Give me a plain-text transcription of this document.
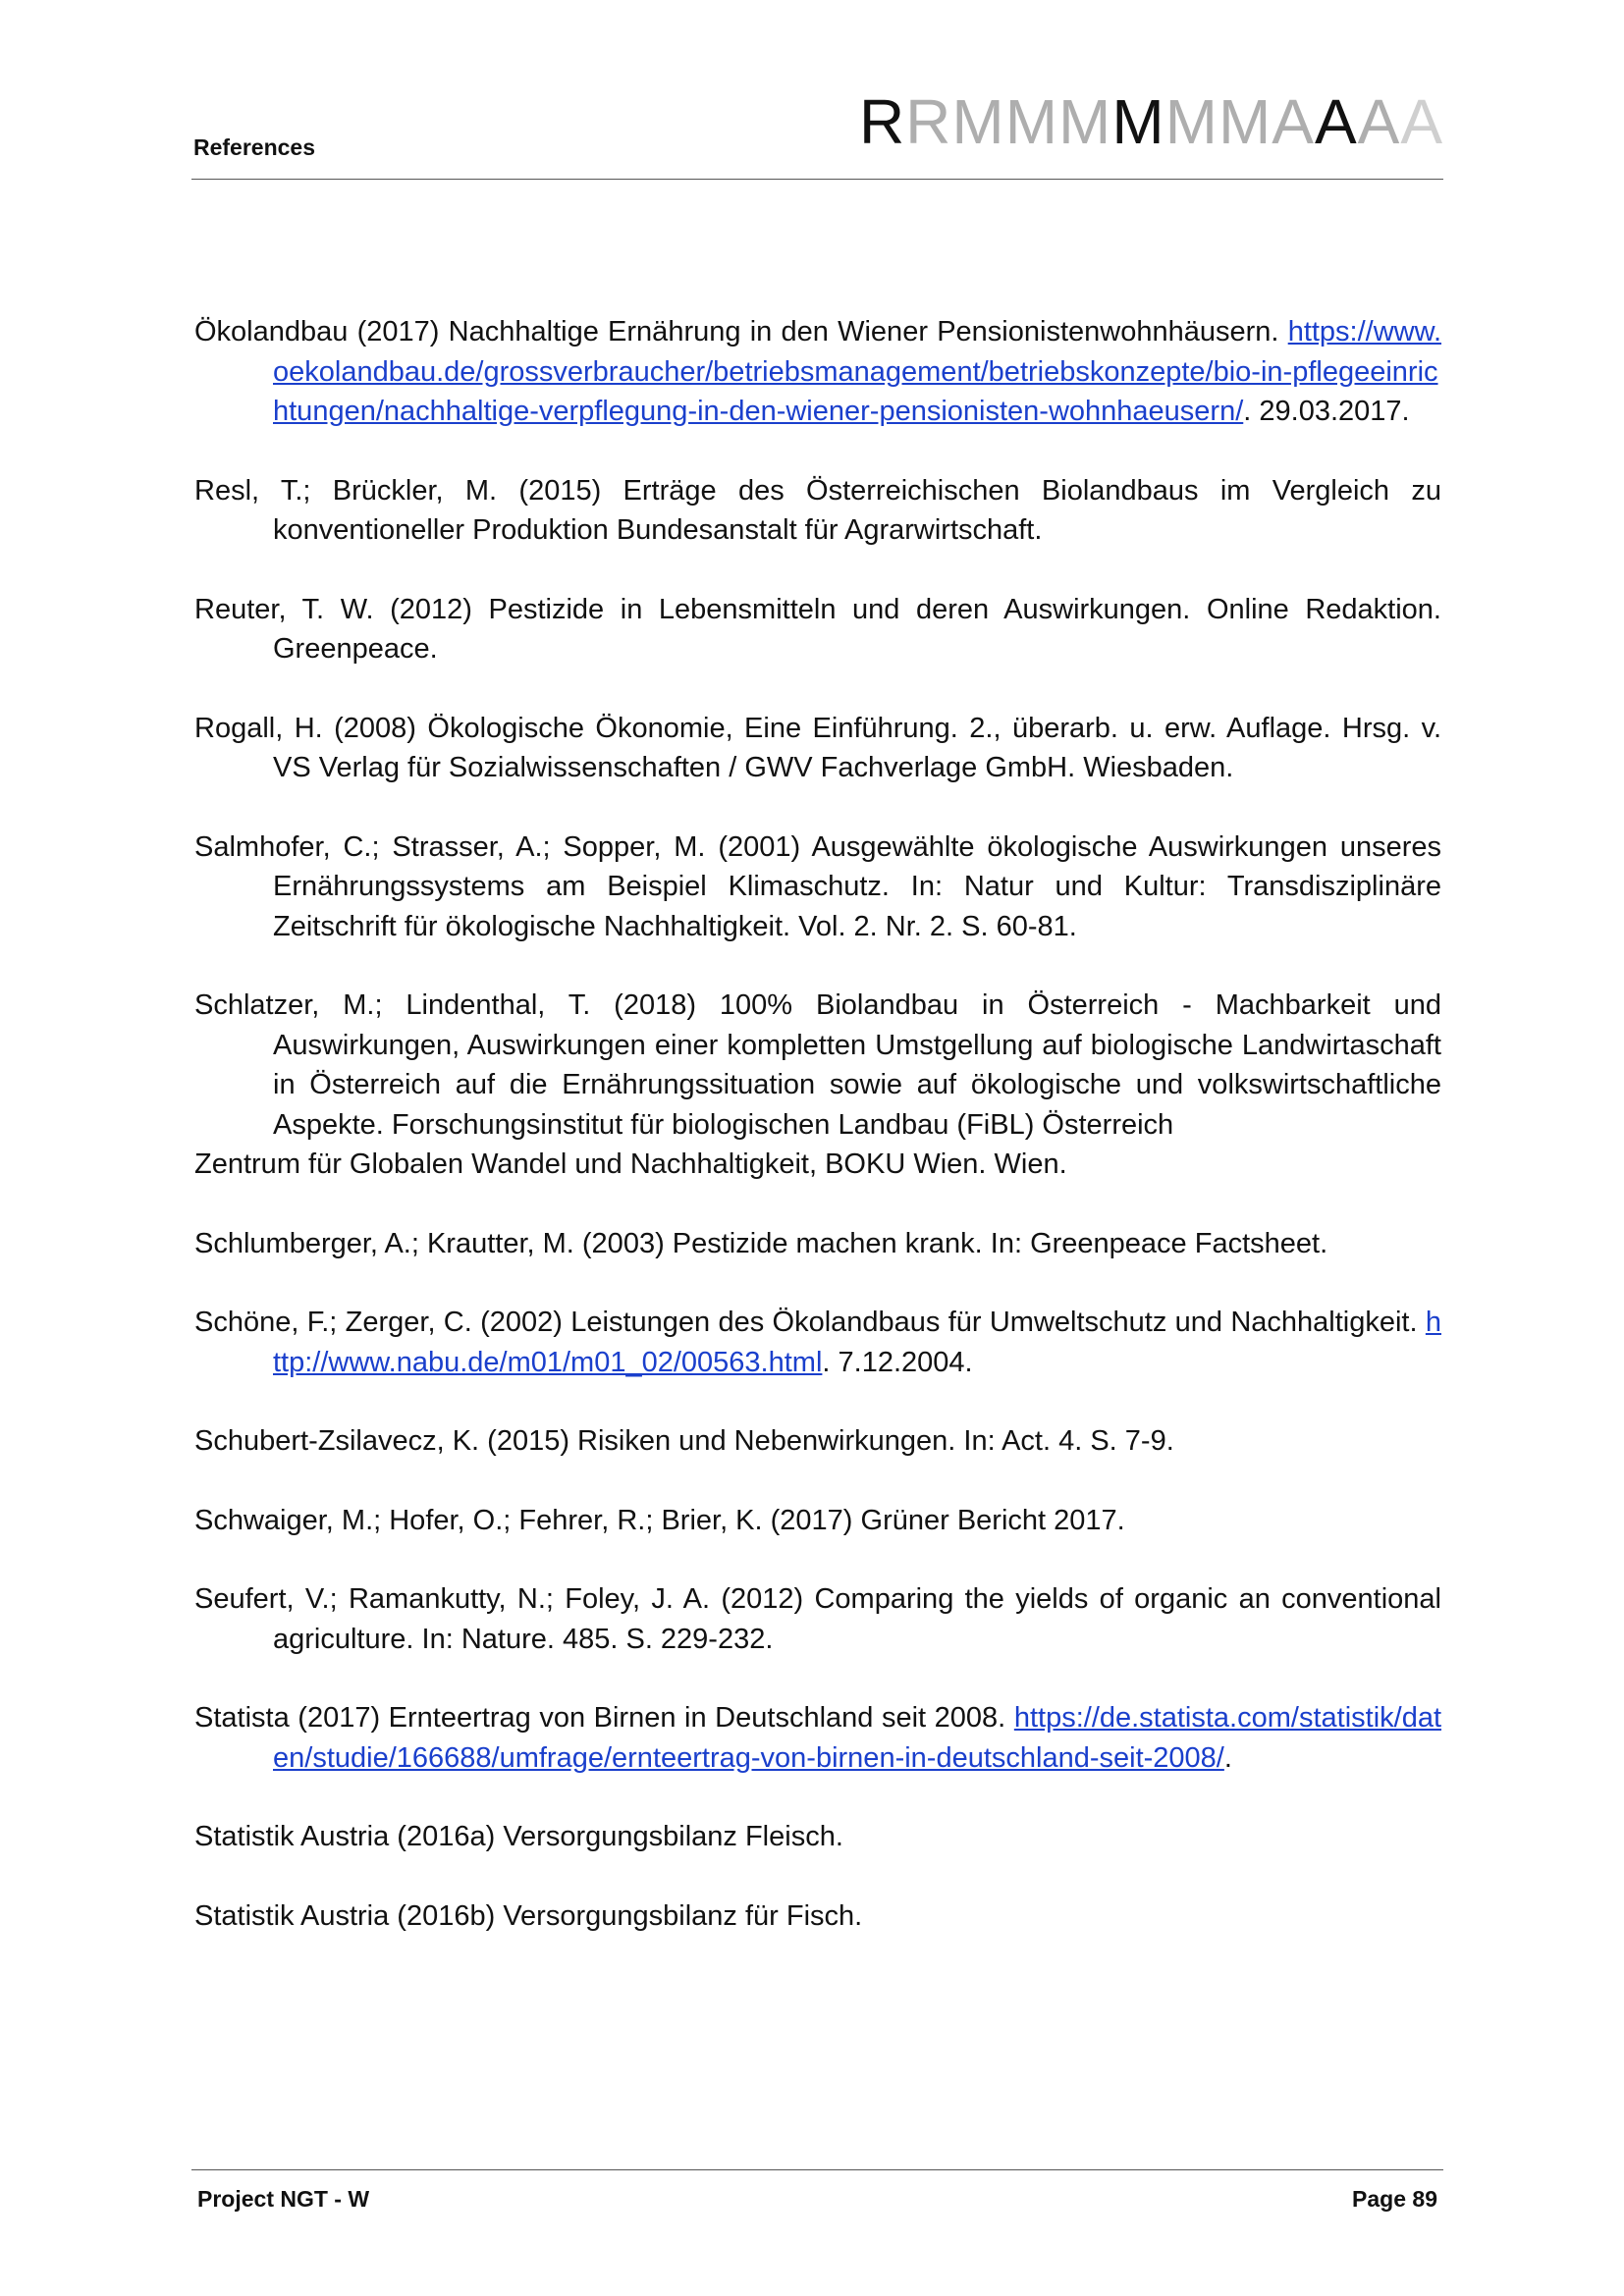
References	RRMMMMMMAAAA
Ökolandbau (2017) Nachhaltige Ernährung in den Wiener Pensionistenwohnhäusern. https://www.oekolandbau.de/grossverbraucher/betriebsmanagement/betriebskonzepte/bio-in-pflegeeinrichtungen/nachhaltige-verpflegung-in-den-wiener-pensionisten-wohnhaeusern/. 29.03.2017.
Resl, T.; Brückler, M. (2015) Erträge des Österreichischen Biolandbaus im Vergleich zu konventioneller Produktion Bundesanstalt für Agrarwirtschaft.
Reuter, T. W. (2012) Pestizide in Lebensmitteln und deren Auswirkungen. Online Redaktion. Greenpeace.
Rogall, H. (2008) Ökologische Ökonomie, Eine Einführung. 2., überarb. u. erw. Auflage. Hrsg. v. VS Verlag für Sozialwissenschaften / GWV Fachverlage GmbH. Wiesbaden.
Salmhofer, C.; Strasser, A.; Sopper, M. (2001) Ausgewählte ökologische Auswirkungen unseres Ernährungssystems am Beispiel Klimaschutz. In: Natur und Kultur: Transdisziplinäre Zeitschrift für ökologische Nachhaltigkeit. Vol. 2. Nr. 2. S. 60-81.
Schlatzer, M.; Lindenthal, T. (2018) 100% Biolandbau in Österreich - Machbarkeit und Auswirkungen, Auswirkungen einer kompletten Umstgellung auf biologische Landwirtaschaft in Österreich auf die Ernährungssituation sowie auf ökologische und volkswirtschaftliche Aspekte. Forschungsinstitut für biologischen Landbau (FiBL) Österreich
Zentrum für Globalen Wandel und Nachhaltigkeit, BOKU Wien. Wien.
Schlumberger, A.; Krautter, M. (2003) Pestizide machen krank. In: Greenpeace Factsheet.
Schöne, F.; Zerger, C. (2002) Leistungen des Ökolandbaus für Umweltschutz und Nachhaltigkeit. http://www.nabu.de/m01/m01_02/00563.html. 7.12.2004.
Schubert-Zsilavecz, K. (2015) Risiken und Nebenwirkungen. In: Act. 4. S. 7-9.
Schwaiger, M.; Hofer, O.; Fehrer, R.; Brier, K. (2017) Grüner Bericht 2017.
Seufert, V.; Ramankutty, N.; Foley, J. A. (2012) Comparing the yields of organic an conventional agriculture. In: Nature. 485. S. 229-232.
Statista (2017) Ernteertrag von Birnen in Deutschland seit 2008. https://de.statista.com/statistik/daten/studie/166688/umfrage/ernteertrag-von-birnen-in-deutschland-seit-2008/.
Statistik Austria (2016a) Versorgungsbilanz Fleisch.
Statistik Austria (2016b) Versorgungsbilanz für Fisch.
Project NGT - W	Page 89
